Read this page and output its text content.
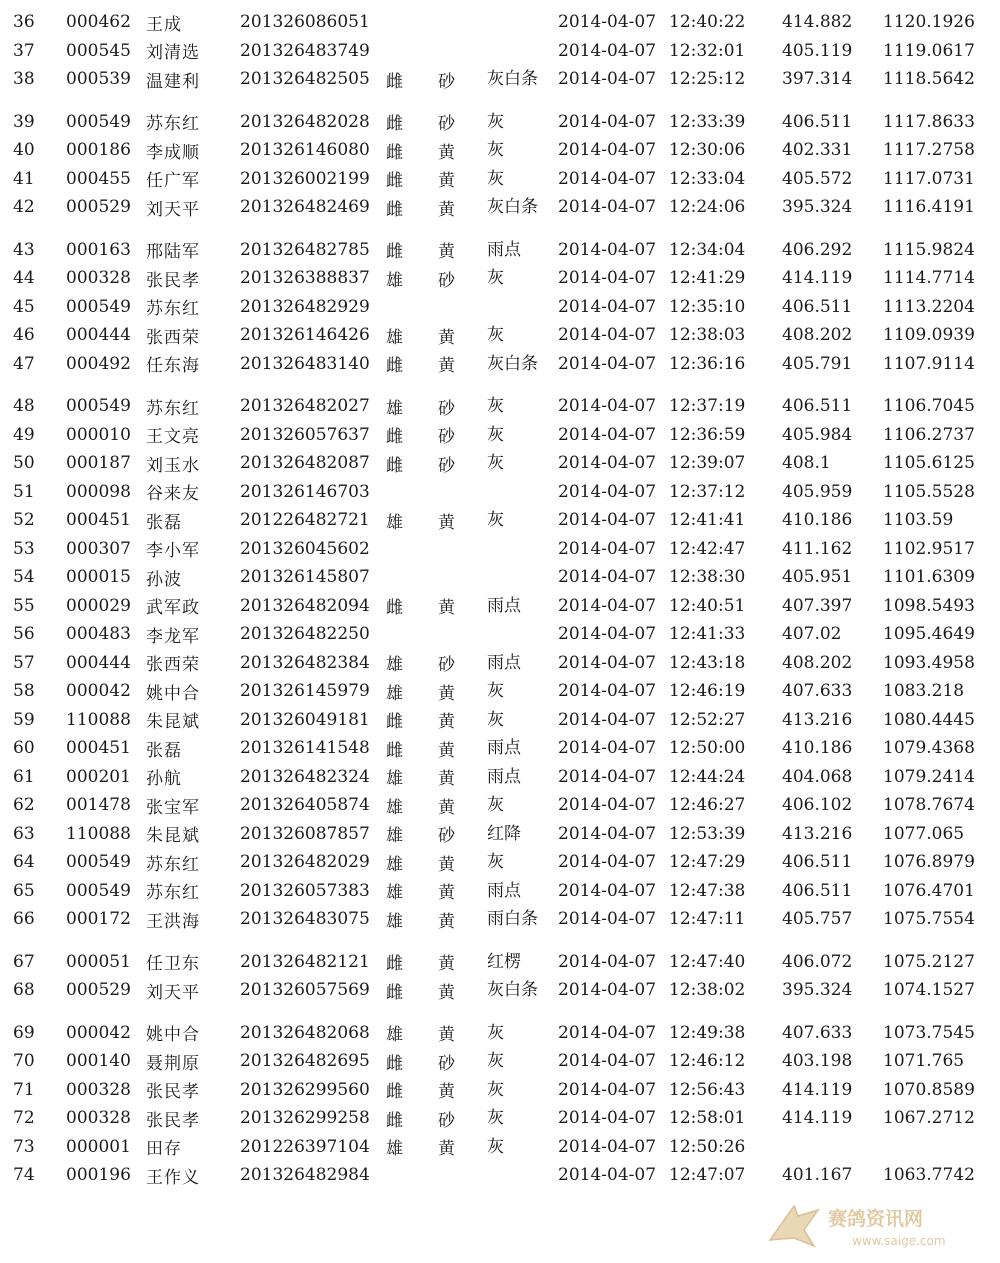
36 000462 王成	201326086051	2014-04-07 12:40:22 414.882 1120.1926
37 000545 刘清选 201326483749	2014-04-07 12:32:01 405.119 1119.0617
38 000539 温建利 201326482505 雌 砂 灰白条 2014-04-07 12:25:12 397.314 1118.5642
39 000549 苏东红 201326482028 雌 砂 灰	2014-04-07 12:33:39 406.511 1117.8633
40 000186 李成顺 201326146080 雌 黄 灰	2014-04-07 12:30:06 402.331 1117.2758
41 000455 任广军 201326002199 雌 黄 灰	2014-04-07 12:33:04 405.572 1117.0731
42 000529 刘天平 201326482469 雌 黄 灰白条 2014-04-07 12:24:06 395.324 1116.4191
43 000163 邢陆军 201326482785 雌 黄 雨点	2014-04-07 12:34:04 406.292 1115.9824
44 000328 张民孝 201326388837 雄 砂 灰	2014-04-07 12:41:29 414.119 1114.7714
45 000549 苏东红 201326482929	2014-04-07 12:35:10 406.511 1113.2204
46 000444 张西荣 201326146426 雄 黄 灰	2014-04-07 12:38:03 408.202 1109.0939
47 000492 任东海 201326483140 雌 黄 灰白条 2014-04-07 12:36:16 405.791 1107.9114
48 000549 苏东红 201326482027 雄 砂 灰	2014-04-07 12:37:19 406.511 1106.7045
49 000010 王文亮 201326057637 雌 砂 灰	2014-04-07 12:36:59 405.984 1106.2737
50 000187 刘玉水 201326482087 雌 砂 灰	2014-04-07 12:39:07 408.1	1105.6125
51 000098 谷来友 201326146703	2014-04-07 12:37:12 405.959 1105.5528
52 000451 张磊	201226482721 雄 黄 灰	2014-04-07 12:41:41 410.186 1103.59
53 000307 李小军 201326045602	2014-04-07 12:42:47 411.162 1102.9517
54 000015 孙波	201326145807	2014-04-07 12:38:30 405.951 1101.6309
55 000029 武军政 201326482094 雌 黄 雨点	2014-04-07 12:40:51 407.397 1098.5493
56 000483 李龙军 201326482250	2014-04-07 12:41:33 407.02 1095.4649
57 000444 张西荣 201326482384 雄 砂 雨点	2014-04-07 12:43:18 408.202 1093.4958
58 000042 姚中合 201326145979 雄 黄 灰	2014-04-07 12:46:19 407.633 1083.218
59 110088 朱昆斌 201326049181 雌 黄 灰	2014-04-07 12:52:27 413.216 1080.4445
60 000451 张磊	201326141548 雌 黄 雨点	2014-04-07 12:50:00 410.186 1079.4368
61 000201 孙航	201326482324 雄 黄 雨点	2014-04-07 12:44:24 404.068 1079.2414
62 001478 张宝军 201326405874 雄 黄 灰	2014-04-07 12:46:27 406.102 1078.7674
63 110088 朱昆斌 201326087857 雄 砂 红降	2014-04-07 12:53:39 413.216 1077.065
64 000549 苏东红 201326482029 雄 黄 灰	2014-04-07 12:47:29 406.511 1076.8979
65 000549 苏东红 201326057383 雄 黄 雨点	2014-04-07 12:47:38 406.511 1076.4701
66 000172 王洪海 201326483075 雄 黄 雨白条 2014-04-07 12:47:11 405.757 1075.7554
67 000051 任卫东 201326482121 雌 黄 红楞	2014-04-07 12:47:40 406.072 1075.2127
68 000529 刘天平 201326057569 雌 黄 灰白条 2014-04-07 12:38:02 395.324 1074.1527
69 000042 姚中合 201326482068 雄 黄 灰	2014-04-07 12:49:38 407.633 1073.7545
70 000140 聂荆原 201326482695 雌 砂 灰	2014-04-07 12:46:12 403.198 1071.765
71 000328 张民孝 201326299560 雌 黄 灰	2014-04-07 12:56:43 414.119 1070.8589
72 000328 张民孝 201326299258 雌 砂 灰	2014-04-07 12:58:01 414.119 1067.2712
73 000001 田存	201226397104 雄 黄 灰	2014-04-07 12:50:26
74 000196 王作义 201326482984	2014-04-07 12:47:07 401.167 1063.7742
赛鸽资讯网
www.saige.com
